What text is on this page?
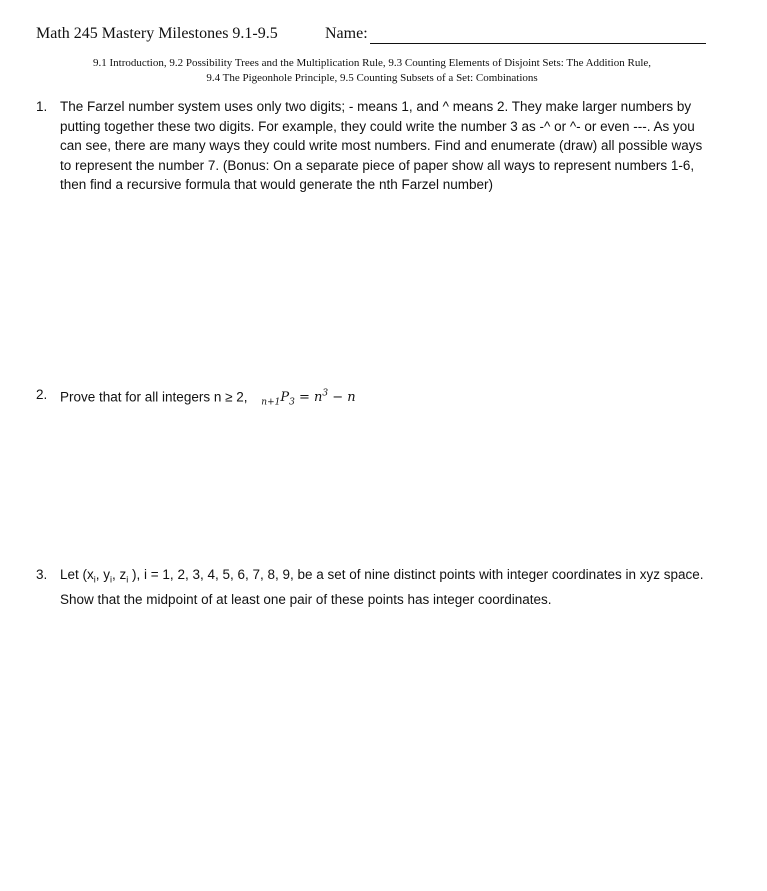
Math 245 Mastery Milestones 9.1-9.5	Name:
9.1 Introduction, 9.2 Possibility Trees and the Multiplication Rule, 9.3 Counting Elements of Disjoint Sets: The Addition Rule,
9.4 The Pigeonhole Principle, 9.5 Counting Subsets of a Set: Combinations
1. The Farzel number system uses only two digits; - means 1, and ^ means 2. They make larger numbers by
putting together these two digits. For example, they could write the number 3 as -^ or ^- or even ---. As you
can see, there are many ways they could write most numbers. Find and enumerate (draw) all possible ways
to represent the number 7. (Bonus: On a separate piece of paper show all ways to represent numbers 1-6,
then find a recursive formula that would generate the nth Farzel number)
2. Prove that for all integers n ≥ 2, $_{n+1}P_3 = n^3 - n$
3. Let ($x_i$, $y_i$, $z_i$ ), i = 1, 2, 3, 4, 5, 6, 7, 8, 9, be a set of nine distinct points with integer coordinates in xyz space.
Show that the midpoint of at least one pair of these points has integer coordinates.
